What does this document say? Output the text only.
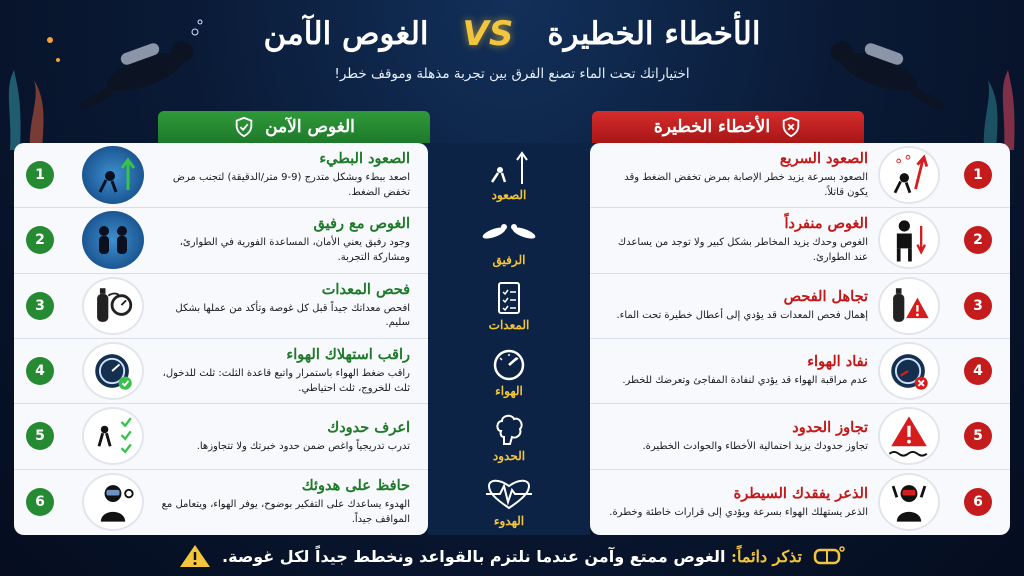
الغوص الآمن VS الأخطاء الخطيرة
اختياراتك تحت الماء تصنع الفرق بين تجربة مذهلة وموقف خطر!
الغوص الآمن	الأخطاء الخطيرة
1
الصعود البطيء
اصعد ببطء وبشكل متدرج (9-9 متر/الدقيقة) لتجنب مرض تخفض الضغط.
2
الغوص مع رفيق
وجود رفيق يعني الأمان، المساعدة الفورية في الطوارئ، ومشاركة التجربة.
3
فحص المعدات
افحص معداتك جيداً قبل كل غوصة وتأكد من عملها بشكل سليم.
4
راقب استهلاك الهواء
راقب ضغط الهواء باستمرار واتبع قاعدة الثلث: ثلث للدخول، ثلث للخروج، ثلث احتياطي.
5
اعرف حدودك
تدرب تدريجياً واغص ضمن حدود خبرتك ولا تتجاوزها.
6
حافظ على هدوئك
الهدوء يساعدك على التفكير بوضوح، يوفر الهواء، ويتعامل مع المواقف جيداً.
الصعود
الرفيق
المعدات
الهواء
الحدود
الهدوء
الصعود السريع
الصعود بسرعة يزيد خطر الإصابة بمرض تخفض الضغط وقد يكون قاتلاً.
1
الغوص منفرداً
الغوص وحدك يزيد المخاطر بشكل كبير ولا توجد من يساعدك عند الطوارئ.
2
تجاهل الفحص
إهمال فحص المعدات قد يؤدي إلى أعطال خطيرة تحت الماء.
3
نفاد الهواء
عدم مراقبة الهواء قد يؤدي لنفادة المفاجئ وتعرضك للخطر.
4
تجاوز الحدود
تجاوز حدودك يزيد احتمالية الأخطاء والحوادث الخطيرة.
5
الذعر يفقدك السيطرة
الذعر يستهلك الهواء بسرعة ويؤدي إلى قرارات خاطئة وخطرة.
6
تذكر دائماً: الغوص ممتع وآمن عندما نلتزم بالقواعد ونخطط جيداً لكل غوصة.
